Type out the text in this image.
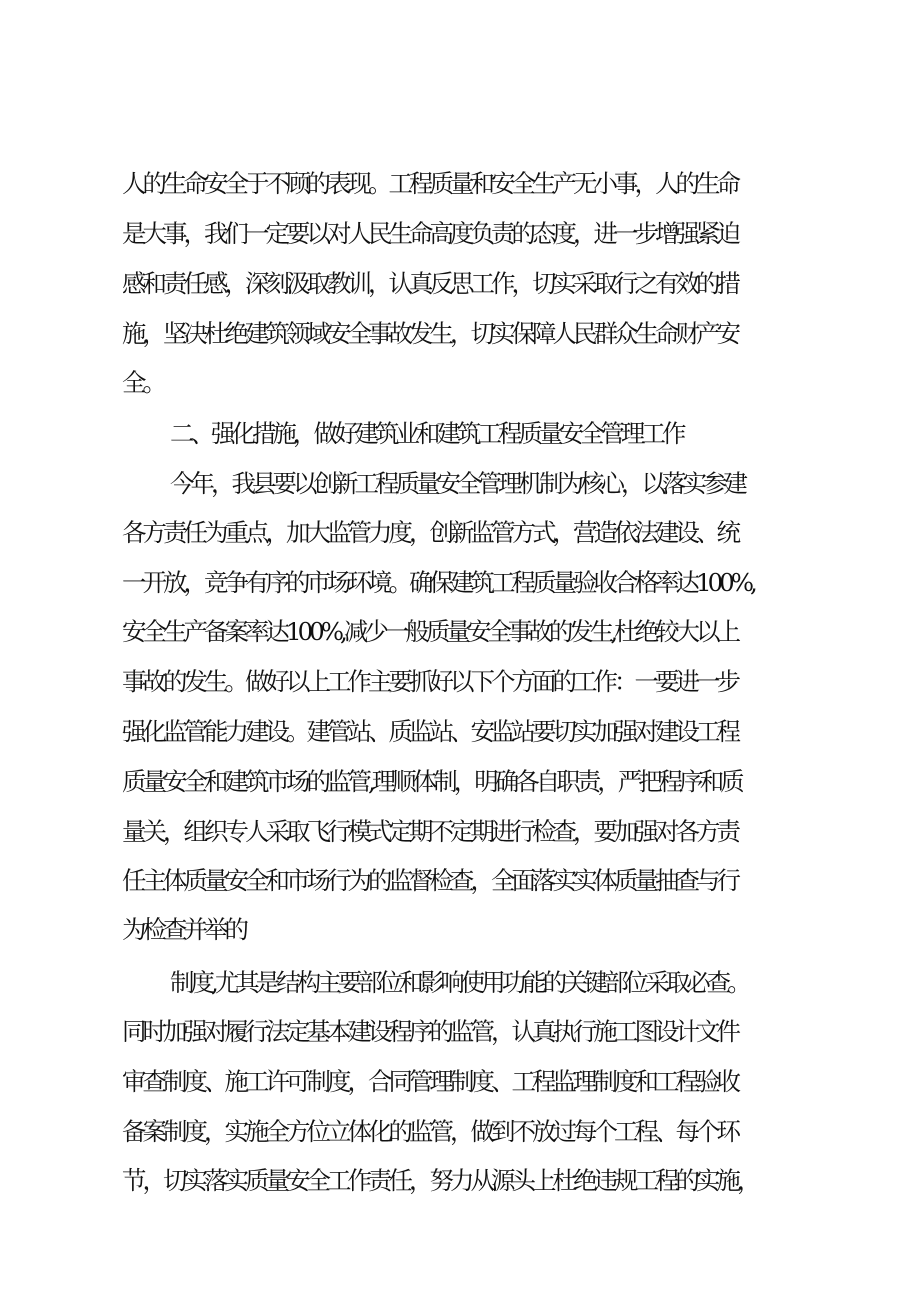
人的生命安全于不顾的表现。工程质量和安全生产无小事，人的生命

是大事，我们一定要以对人民生命高度负责的态度，进一步增强紧迫

感和责任感，深刻汲取教训，认真反思工作，切实采取行之有效的措

施，坚决杜绝建筑领域安全事故发生，切实保障人民群众生命财产安

全。

二、强化措施，做好建筑业和建筑工程质量安全管理工作

今年，我县要以创新工程质量安全管理机制为核心，以落实参建

各方责任为重点，加大监管力度，创新监管方式，营造依法建设、统

一开放，竞争有序的市场环境。确保建筑工程质量验收合格率达100%,

安全生产备案率达100%,减少一般质量安全事故的发生,杜绝较大以上

事故的发生。做好以上工作主要抓好以下个方面的工作：一要进一步

强化监管能力建设。建管站、质监站、安监站要切实加强对建设工程

质量安全和建筑市场的监管,理顺体制，明确各自职责，严把程序和质

量关，组织专人采取飞行模式定期不定期进行检查，要加强对各方责

任主体质量安全和市场行为的监督检查，全面落实实体质量抽查与行

为检查并举的

制度,尤其是结构主要部位和影响使用功能的关键部位采取必查。

同时加强对履行法定基本建设程序的监管，认真执行施工图设计文件

审查制度、施工许可制度，合同管理制度、工程监理制度和工程验收

备案制度，实施全方位立体化的监管，做到不放过每个工程、每个环

节，切实落实质量安全工作责任，努力从源头上杜绝违规工程的实施，
